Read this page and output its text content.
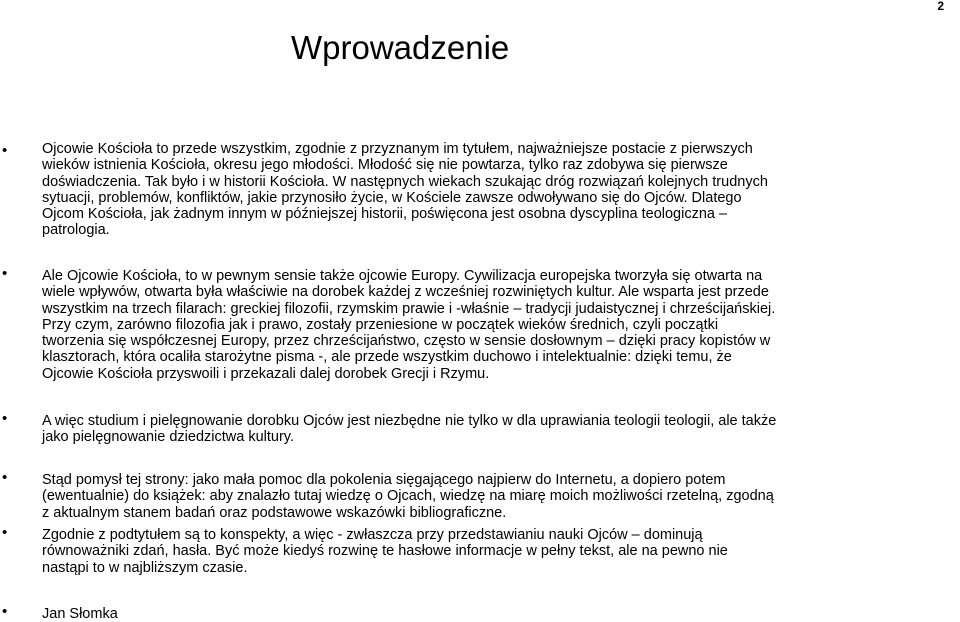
2
Wprowadzenie
• Ojcowie Kościoła to przede wszystkim, zgodnie z przyznanym im tytułem, najważniejsze postacie z pierwszych
wieków istnienia Kościoła, okresu jego młodości. Młodość się nie powtarza, tylko raz zdobywa się pierwsze
doświadczenia. Tak było i w historii Kościoła. W następnych wiekach szukając dróg rozwiązań kolejnych trudnych
sytuacji, problemów, konfliktów, jakie przynosiło życie, w Kościele zawsze odwoływano się do Ojców. Dlatego
Ojcom Kościoła, jak żadnym innym w późniejszej historii, poświęcona jest osobna dyscyplina teologiczna –
patrologia.

• Ale Ojcowie Kościoła, to w pewnym sensie także ojcowie Europy. Cywilizacja europejska tworzyła się otwarta na
wiele wpływów, otwarta była właściwie na dorobek każdej z wcześniej rozwiniętych kultur. Ale wsparta jest przede
wszystkim na trzech filarach: greckiej filozofii, rzymskim prawie i -właśnie – tradycji judaistycznej i chrześcijańskiej.
Przy czym, zarówno filozofia jak i prawo, zostały przeniesione w początek wieków średnich, czyli początki
tworzenia się współczesnej Europy, przez chrześcijaństwo, często w sensie dosłownym – dzięki pracy kopistów w
klasztorach, która ocaliła starożytne pisma -, ale przede wszystkim duchowo i intelektualnie: dzięki temu, że
Ojcowie Kościoła przyswoili i przekazali dalej dorobek Grecji i Rzymu.

• A więc studium i pielęgnowanie dorobku Ojców jest niezbędne nie tylko w dla uprawiania teologii teologii, ale także
jako pielęgnowanie dziedzictwa kultury.

• Stąd pomysł tej strony: jako mała pomoc dla pokolenia sięgającego najpierw do Internetu, a dopiero potem
(ewentualnie) do książek: aby znalazło tutaj wiedzę o Ojcach, wiedzę na miarę moich możliwości rzetelną, zgodną
z aktualnym stanem badań oraz podstawowe wskazówki bibliograficzne.

• Zgodnie z podtytułem są to konspekty, a więc - zwłaszcza przy przedstawianiu nauki Ojców – dominują
równoważniki zdań, hasła. Być może kiedyś rozwinę te hasłowe informacje w pełny tekst, ale na pewno nie
nastąpi to w najbliższym czasie.

• Jan Słomka
